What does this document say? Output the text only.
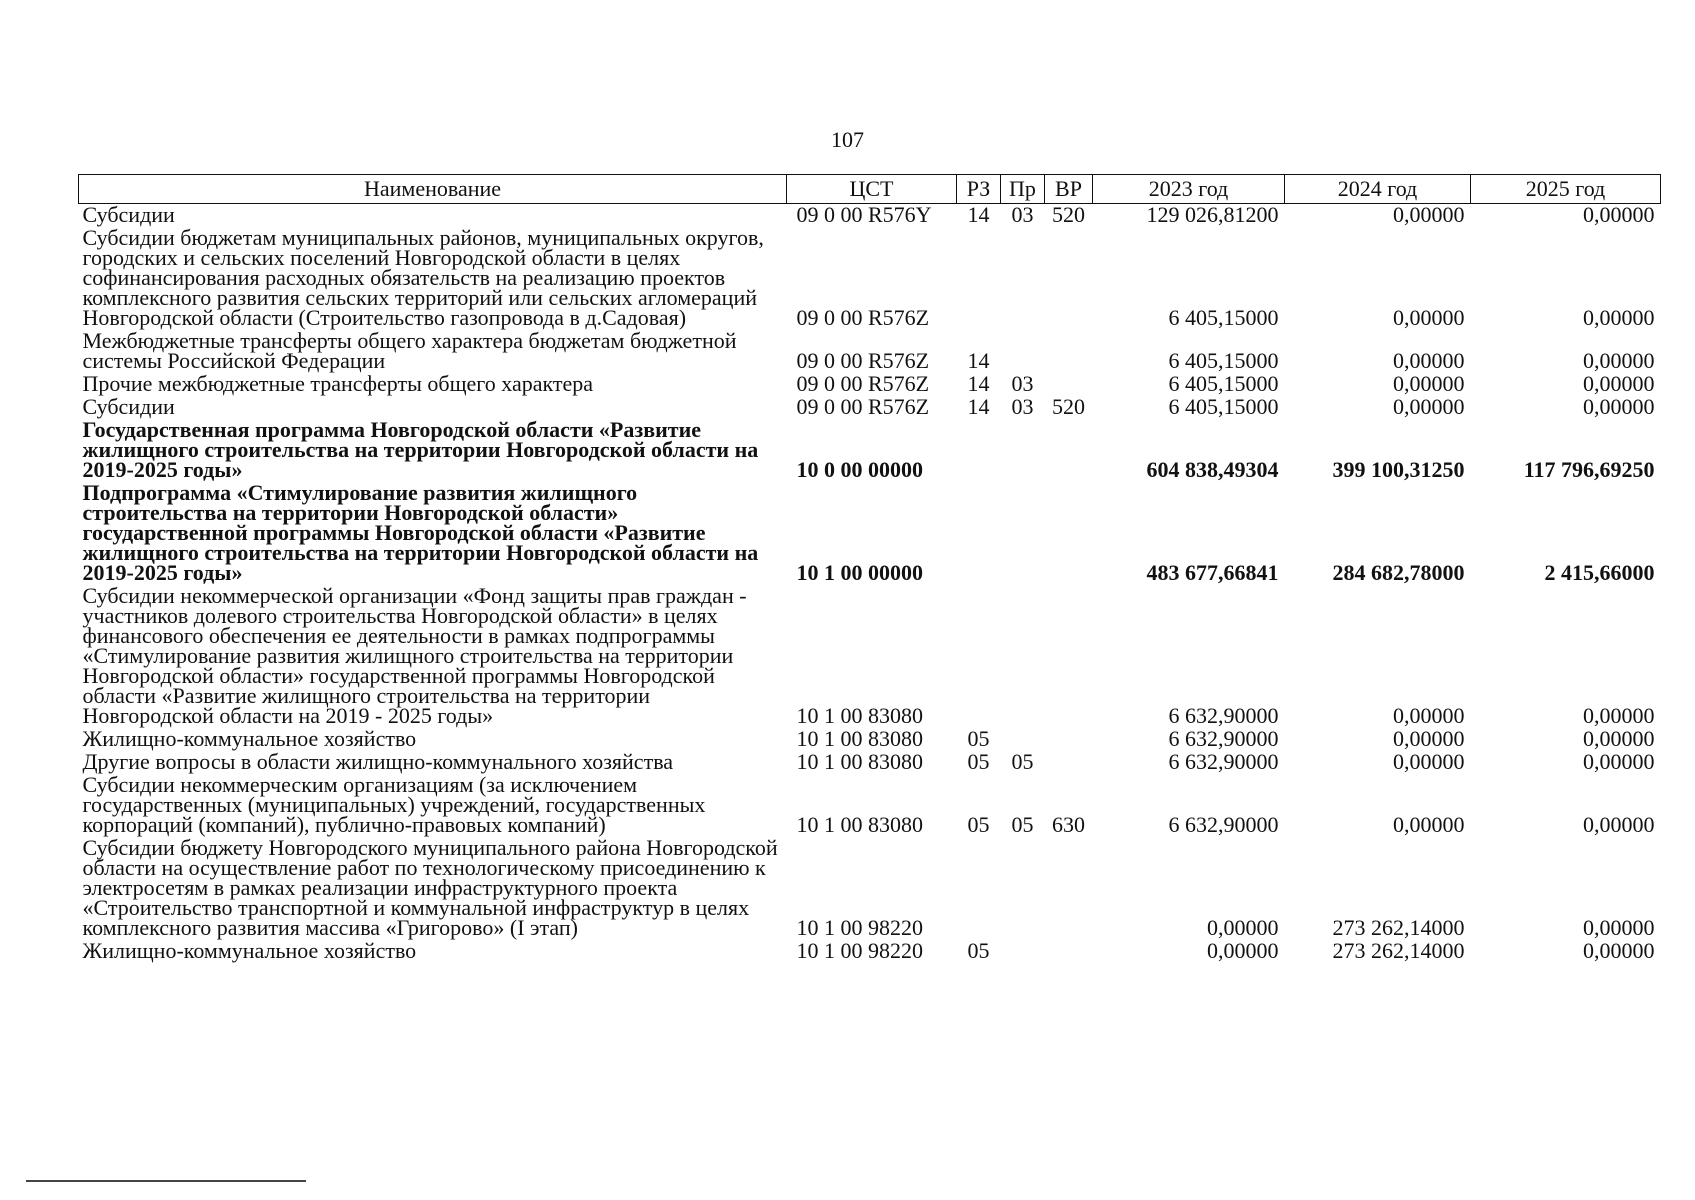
107
Наименование	ЦСТ	РЗ	Пр	ВР	2023 год	2024 год	2025 год
Субсидии	09 0 00 R576Y	14	03	520	129 026,81200	0,00000	0,00000
Субсидии бюджетам муниципальных районов, муниципальных округов, городских и сельских поселений Новгородской области в целях софинансирования расходных обязательств на реализацию проектов комплексного развития сельских территорий или сельских агломераций Новгородской области (Строительство газопровода в д.Садовая)	09 0 00 R576Z				6 405,15000	0,00000	0,00000
Межбюджетные трансферты общего характера бюджетам бюджетной системы Российской Федерации	09 0 00 R576Z	14			6 405,15000	0,00000	0,00000
Прочие межбюджетные трансферты общего характера	09 0 00 R576Z	14	03		6 405,15000	0,00000	0,00000
Субсидии	09 0 00 R576Z	14	03	520	6 405,15000	0,00000	0,00000
Государственная программа Новгородской области «Развитие жилищного строительства на территории Новгородской области на 2019-2025 годы»	10 0 00 00000				604 838,49304	399 100,31250	117 796,69250
Подпрограмма «Стимулирование развития жилищного строительства на территории Новгородской области» государственной программы Новгородской области «Развитие жилищного строительства на территории Новгородской области на 2019-2025 годы»	10 1 00 00000				483 677,66841	284 682,78000	2 415,66000
Субсидии некоммерческой организации «Фонд защиты прав граждан - участников долевого строительства Новгородской области» в целях финансового обеспечения ее деятельности в рамках подпрограммы «Стимулирование развития жилищного строительства на территории Новгородской области» государственной программы Новгородской области «Развитие жилищного строительства на территории Новгородской области на 2019 - 2025 годы»	10 1 00 83080				6 632,90000	0,00000	0,00000
Жилищно-коммунальное хозяйство	10 1 00 83080	05			6 632,90000	0,00000	0,00000
Другие вопросы в области жилищно-коммунального хозяйства	10 1 00 83080	05	05		6 632,90000	0,00000	0,00000
Субсидии некоммерческим организациям (за исключением государственных (муниципальных) учреждений, государственных корпораций (компаний), публично-правовых компаний)	10 1 00 83080	05	05	630	6 632,90000	0,00000	0,00000
Субсидии бюджету Новгородского муниципального района Новгородской области на осуществление работ по технологическому присоединению к электросетям в рамках реализации инфраструктурного проекта «Строительство транспортной и коммунальной инфраструктур в целях комплексного развития массива «Григорово» (I этап)	10 1 00 98220				0,00000	273 262,14000	0,00000
Жилищно-коммунальное хозяйство	10 1 00 98220	05			0,00000	273 262,14000	0,00000
